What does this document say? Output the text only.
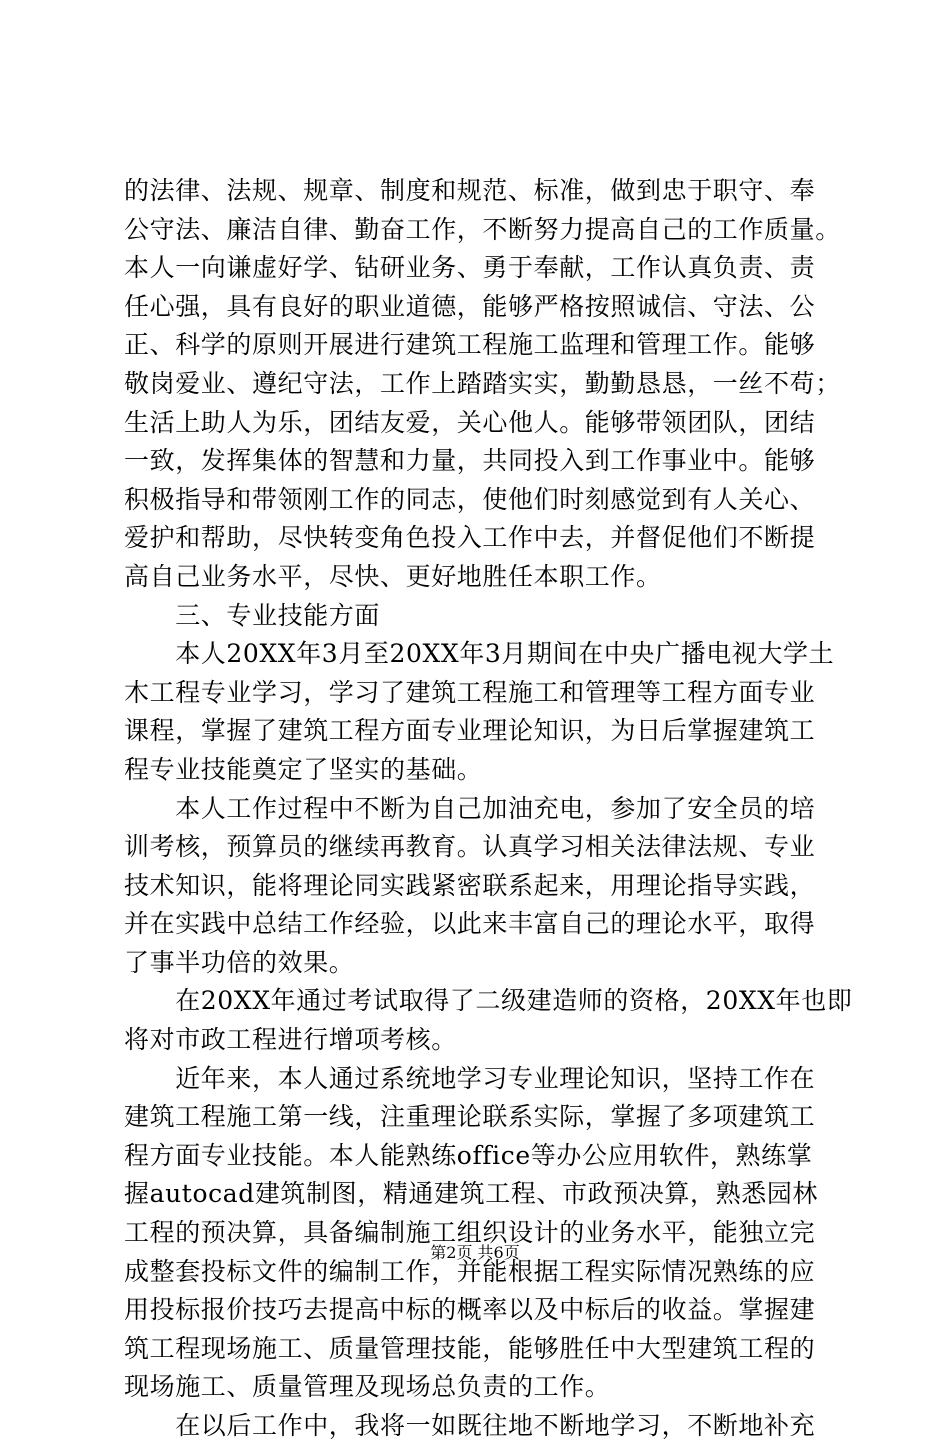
的法律、法规、规章、制度和规范、标准，做到忠于职守、奉
公守法、廉洁自律、勤奋工作，不断努力提高自己的工作质量。
本人一向谦虚好学、钻研业务、勇于奉献，工作认真负责、责
任心强，具有良好的职业道德，能够严格按照诚信、守法、公
正、科学的原则开展进行建筑工程施工监理和管理工作。能够
敬岗爱业、遵纪守法，工作上踏踏实实，勤勤恳恳，一丝不苟；
生活上助人为乐，团结友爱，关心他人。能够带领团队，团结
一致，发挥集体的智慧和力量，共同投入到工作事业中。能够
积极指导和带领刚工作的同志，使他们时刻感觉到有人关心、
爱护和帮助，尽快转变角色投入工作中去，并督促他们不断提
高自己业务水平，尽快、更好地胜任本职工作。
　　三、专业技能方面
　　本人20XX年3月至20XX年3月期间在中央广播电视大学土
木工程专业学习，学习了建筑工程施工和管理等工程方面专业
课程，掌握了建筑工程方面专业理论知识，为日后掌握建筑工
程专业技能奠定了坚实的基础。
　　本人工作过程中不断为自己加油充电，参加了安全员的培
训考核，预算员的继续再教育。认真学习相关法律法规、专业
技术知识，能将理论同实践紧密联系起来，用理论指导实践，
并在实践中总结工作经验，以此来丰富自己的理论水平，取得
了事半功倍的效果。
　　在20XX年通过考试取得了二级建造师的资格，20XX年也即
将对市政工程进行增项考核。
　　近年来，本人通过系统地学习专业理论知识，坚持工作在
建筑工程施工第一线，注重理论联系实际，掌握了多项建筑工
程方面专业技能。本人能熟练office等办公应用软件，熟练掌
握autocad建筑制图，精通建筑工程、市政预决算，熟悉园林
工程的预决算，具备编制施工组织设计的业务水平，能独立完
成整套投标文件的编制工作，并能根据工程实际情况熟练的应
用投标报价技巧去提高中标的概率以及中标后的收益。掌握建
筑工程现场施工、质量管理技能，能够胜任中大型建筑工程的
现场施工、质量管理及现场总负责的工作。
　　在以后工作中，我将一如既往地不断地学习，不断地补充
第2页 共6页
